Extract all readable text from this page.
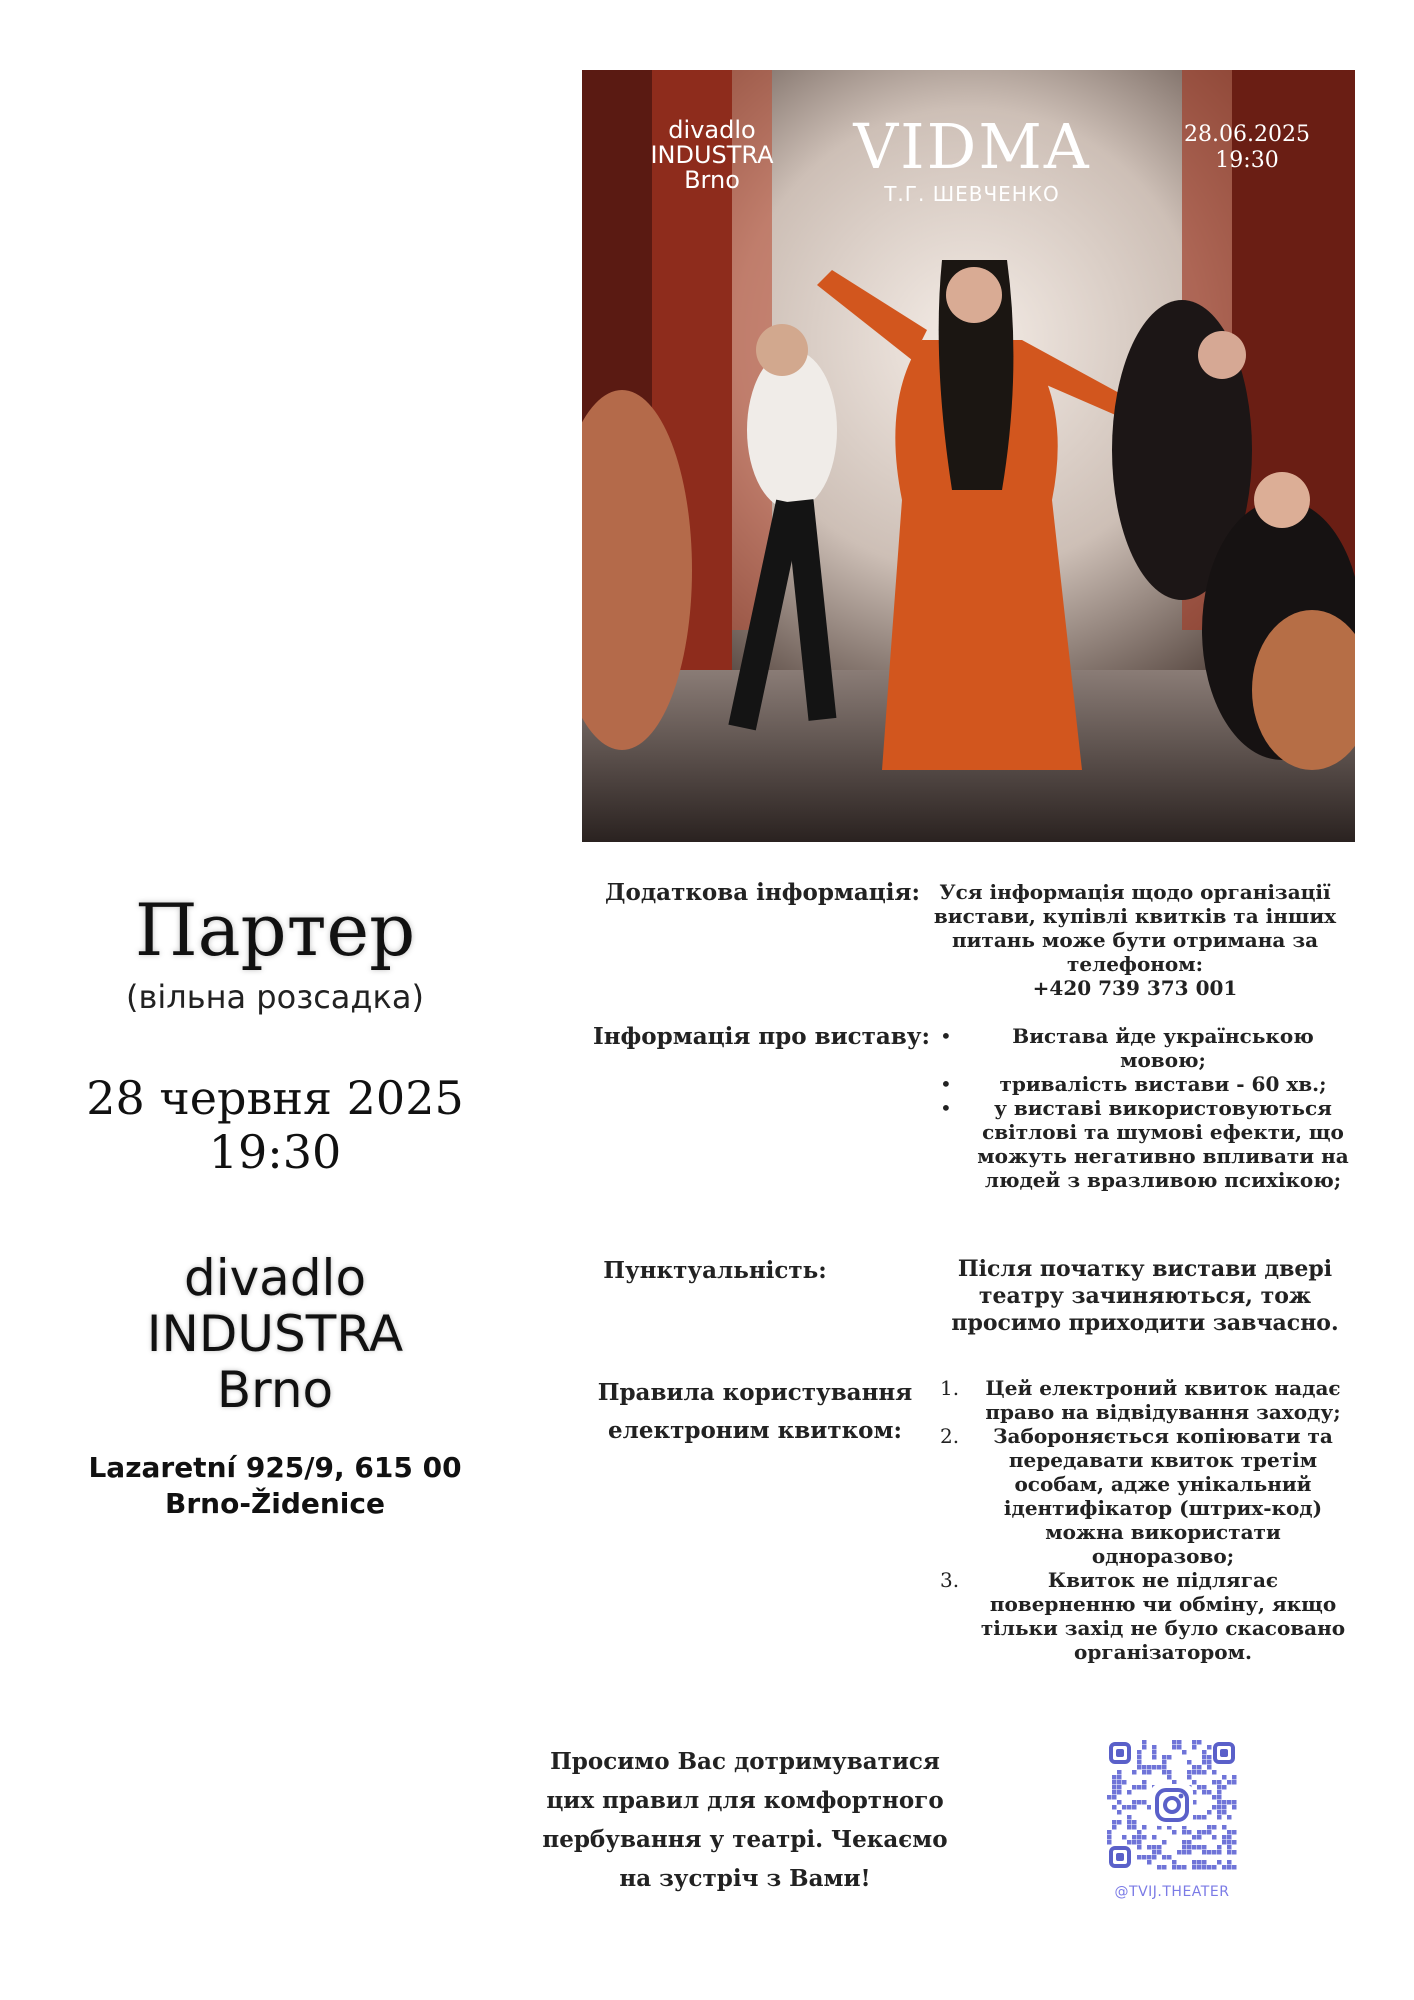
divadlo
INDUSTRA
Brno	VIDMA
Т.Г. ШЕВЧЕНКО
28.06.2025
19:30
Партер
(вільна розсадка)
28 червня 2025
19:30
divadlo
INDUSTRA
Brno
Lazaretní 925/9, 615 00
Brno-Židenice
Додаткова інформація: Уся інформація щодо організації
вистави, купівлі квитків та інших
питань може бути отримана за
телефоном:
+420 739 373 001
Інформація про виставу: •	Вистава йде українською мовою;
•	тривалість вистави - 60 хв.;
•	у виставі використовуються світлові та шумові ефекти, що можуть негативно впливати на людей з вразливою психікою;
Пунктуальність:	Після початку вистави двері
театру зачиняються, тож
просимо приходити завчасно.
Правила користування
електроним квитком:
1.	Цей електроний квиток надає право на відвідування заходу;
2.	Забороняється копіювати та передавати квиток третім особам, адже унікальний ідентифікатор (штрих-код) можна використати одноразово;
3.	Квиток не підлягає поверненню чи обміну, якщо тільки захід не було скасовано організатором.
Просимо Вас дотримуватися
цих правил для комфортного
пербування у театрі. Чекаємо
на зустріч з Вами!	@TVIJ.THEATER
